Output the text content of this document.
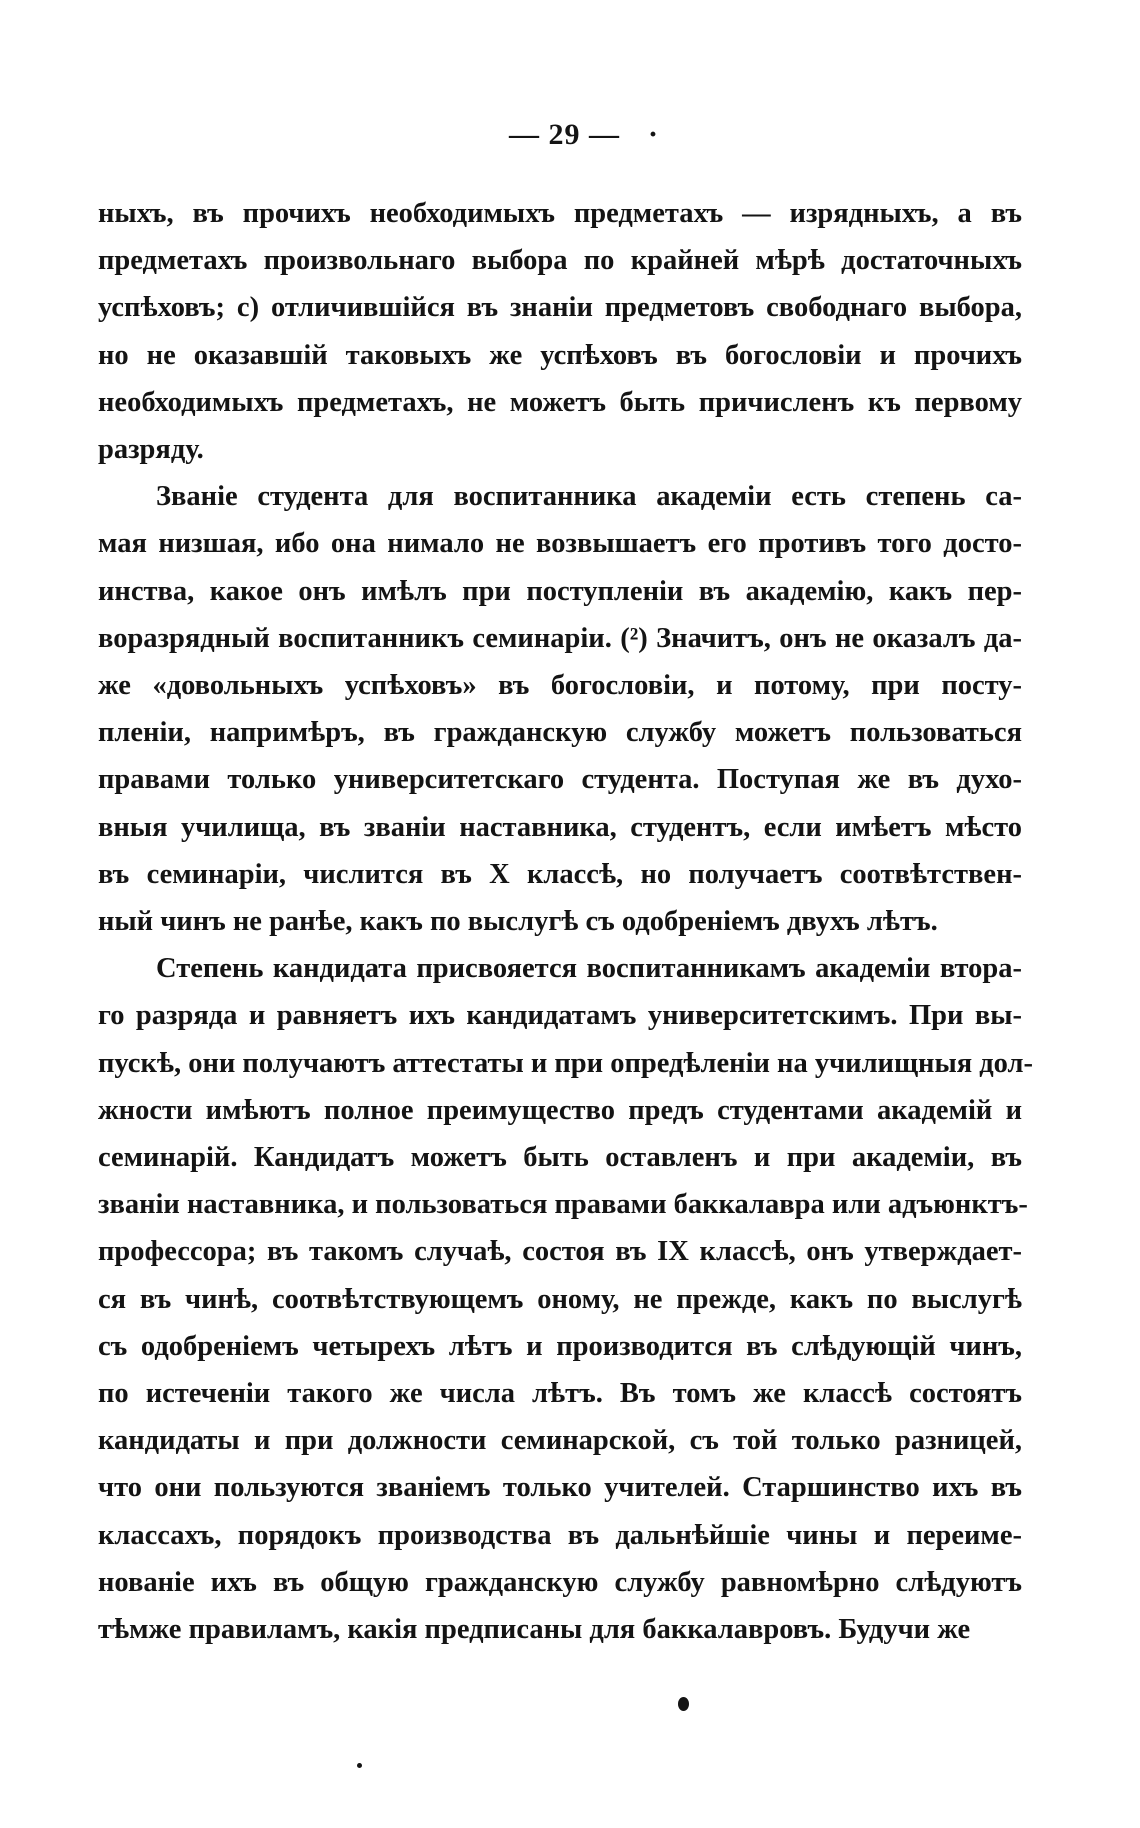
— 29 — ·
ныхъ, въ прочихъ необходимыхъ предметахъ — изрядныхъ, а въ
предметахъ произвольнаго выбора по крайней мѣрѣ достаточныхъ
успѣховъ; с) отличившійся въ знаніи предметовъ свободнаго выбора,
но не оказавшій таковыхъ же успѣховъ въ богословіи и прочихъ
необходимыхъ предметахъ, не можетъ быть причисленъ къ первому
разряду.
Званіе студента для воспитанника академіи есть степень са-
мая низшая, ибо она нимало не возвышаетъ его противъ того досто-
инства, какое онъ имѣлъ при поступленіи въ академію, какъ пер-
воразрядный воспитанникъ семинаріи. (²) Значитъ, онъ не оказалъ да-
же «довольныхъ успѣховъ» въ богословіи, и потому, при посту-
пленіи, напримѣръ, въ гражданскую службу можетъ пользоваться
правами только университетскаго студента. Поступая же въ духо-
вныя училища, въ званіи наставника, студентъ, если имѣетъ мѣсто
въ семинаріи, числится въ X классѣ, но получаетъ соотвѣтствен-
ный чинъ не ранѣе, какъ по выслугѣ съ одобреніемъ двухъ лѣтъ.
Степень кандидата присвояется воспитанникамъ академіи втора-
го разряда и равняетъ ихъ кандидатамъ университетскимъ. При вы-
пускѣ, они получаютъ аттестаты и при опредѣленіи на училищныя дол-
жности имѣютъ полное преимущество предъ студентами академій и
семинарій. Кандидатъ можетъ быть оставленъ и при академіи, въ
званіи наставника, и пользоваться правами баккалавра или адъюнктъ-
профессора; въ такомъ случаѣ, состоя въ IX классѣ, онъ утверждает-
ся въ чинѣ, соотвѣтствующемъ оному, не прежде, какъ по выслугѣ
съ одобреніемъ четырехъ лѣтъ и производится въ слѣдующій чинъ,
по истеченіи такого же числа лѣтъ. Въ томъ же классѣ состоятъ
кандидаты и при должности семинарской, съ той только разницей,
что они пользуются званіемъ только учителей. Старшинство ихъ въ
классахъ, порядокъ производства въ дальнѣйшіе чины и переиме-
нованіе ихъ въ общую гражданскую службу равномѣрно слѣдуютъ
тѣмже правиламъ, какія предписаны для баккалавровъ. Будучи же
